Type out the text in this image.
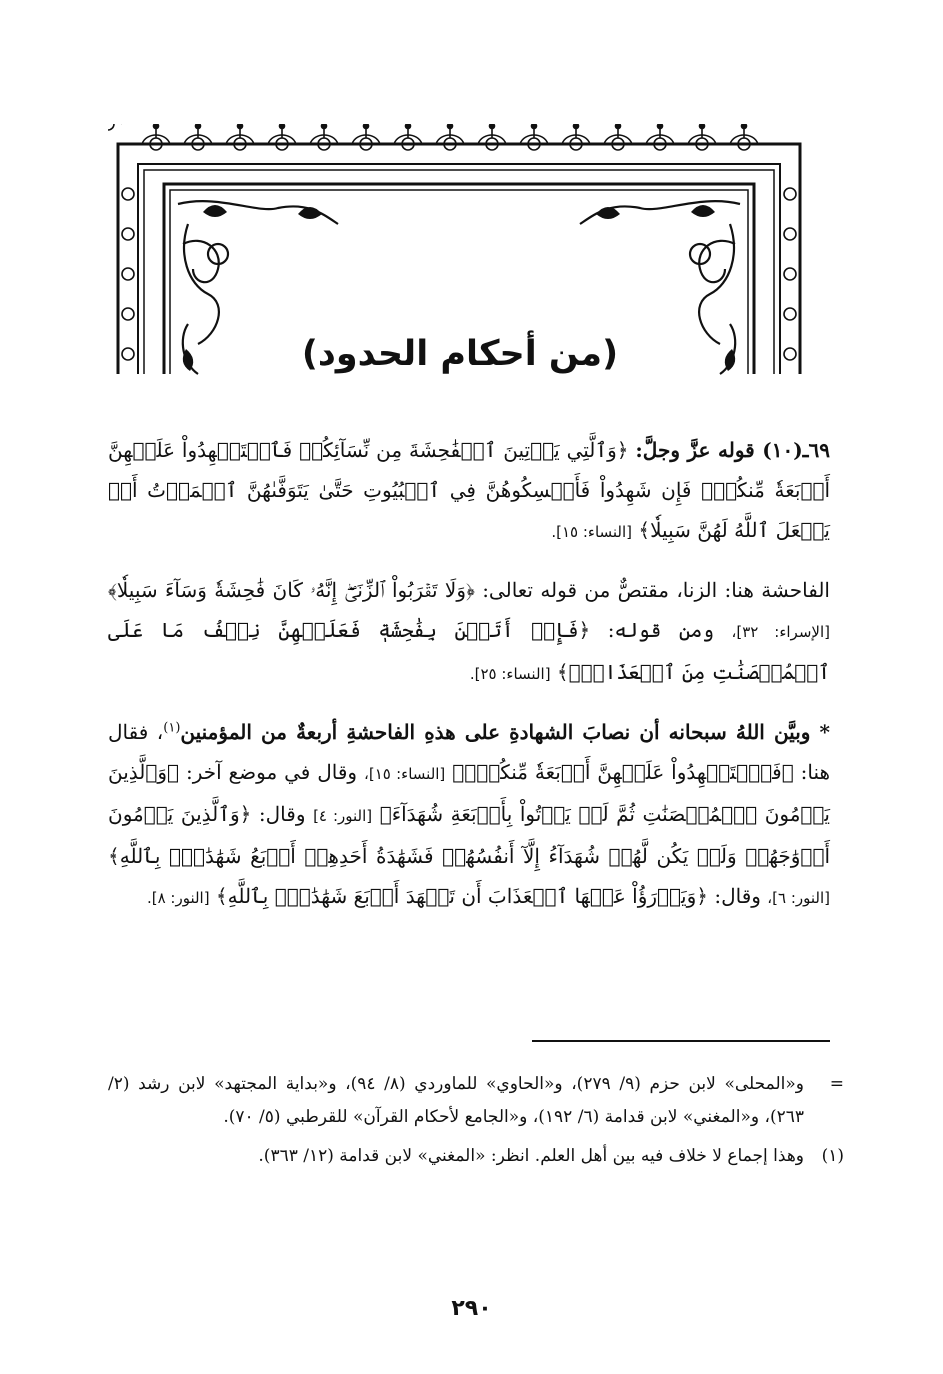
(من أحكام الحدود)

٦٩ـ(١٠) قوله عزَّ وجلَّ: ﴿وَٱلَّتِي يَأۡتِينَ ٱلۡفَٰحِشَةَ مِن نِّسَآئِكُمۡ فَٱسۡتَشۡهِدُواْ عَلَيۡهِنَّ أَرۡبَعَةٗ مِّنكُمۡۖ فَإِن شَهِدُواْ فَأَمۡسِكُوهُنَّ فِي ٱلۡبُيُوتِ حَتَّىٰ يَتَوَفَّىٰهُنَّ ٱلۡمَوۡتُ أَوۡ يَجۡعَلَ ٱللَّهُ لَهُنَّ سَبِيلٗا﴾ [النساء: ١٥].

الفاحشة هنا: الزنا، مقتصٌّ من قوله تعالى: ﴿وَلَا تَقۡرَبُواْ ٱلزِّنَىٰٓۖ إِنَّهُۥ كَانَ فَٰحِشَةٗ وَسَآءَ سَبِيلٗا﴾ [الإسراء: ٣٢]، ومن قوله: ﴿فَإِنۡ أَتَيۡنَ بِفَٰحِشَةٖ فَعَلَيۡهِنَّ نِصۡفُ مَا عَلَى ٱلۡمُحۡصَنَٰتِ مِنَ ٱلۡعَذَابِۚ﴾ [النساء: ٢٥].

* وبيَّن اللهُ سبحانه أن نصابَ الشهادةِ على هذهِ الفاحشةِ أربعةٌ من المؤمنين$^{(١)}$، فقال هنا: ﴿فَٱسۡتَشۡهِدُواْ عَلَيۡهِنَّ أَرۡبَعَةٗ مِّنكُمۡۖ﴾ [النساء: ١٥]، وقال في موضع آخر: ﴿وَٱلَّذِينَ يَرۡمُونَ ٱلۡمُحۡصَنَٰتِ ثُمَّ لَمۡ يَأۡتُواْ بِأَرۡبَعَةِ شُهَدَآءَ﴾ [النور: ٤] وقال: ﴿وَٱلَّذِينَ يَرۡمُونَ أَزۡوَٰجَهُمۡ وَلَمۡ يَكُن لَّهُمۡ شُهَدَآءُ إِلَّآ أَنفُسُهُمۡ فَشَهَٰدَةُ أَحَدِهِمۡ أَرۡبَعُ شَهَٰدَٰتِۭ بِٱللَّهِ﴾ [النور: ٦]، وقال: ﴿وَيَدۡرَؤُاْ عَنۡهَا ٱلۡعَذَابَ أَن تَشۡهَدَ أَرۡبَعَ شَهَٰدَٰتِۭ بِٱللَّهِ﴾ [النور: ٨].

=
و«المحلى» لابن حزم (٩/ ٢٧٩)، و«الحاوي» للماوردي (٨/ ٩٤)، و«بداية المجتهد» لابن رشد (٢/ ٢٦٣)، و«المغني» لابن قدامة (٦/ ١٩٢)، و«الجامع لأحكام القرآن» للقرطبي (٥/ ٧٠).
(١)
وهذا إجماع لا خلاف فيه بين أهل العلم. انظر: «المغني» لابن قدامة (١٢/ ٣٦٣).
٢٩٠
